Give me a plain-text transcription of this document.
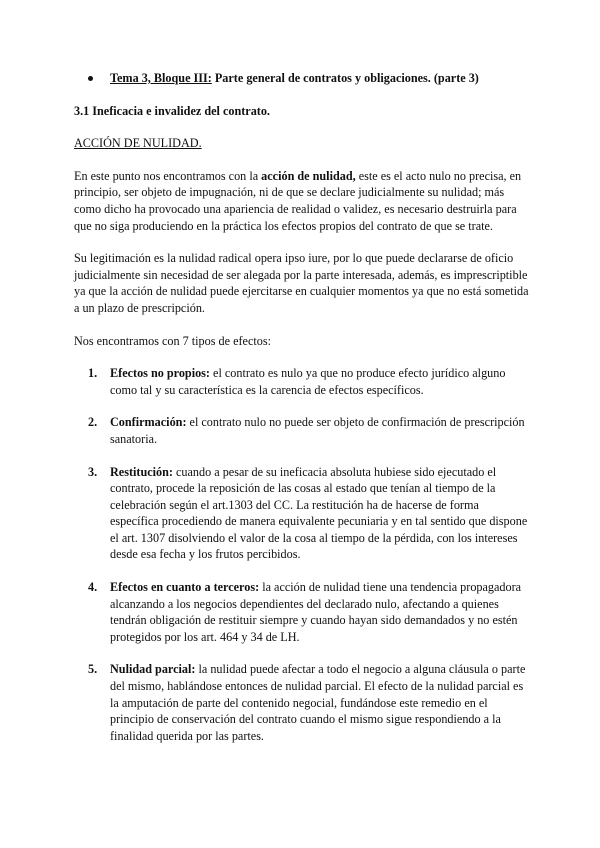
Tema 3, Bloque III: Parte general de contratos y obligaciones. (parte 3)
3.1 Ineficacia e invalidez del contrato.
ACCIÓN DE NULIDAD.

En este punto nos encontramos con la acción de nulidad, este es el acto nulo no precisa, en principio, ser objeto de impugnación, ni de que se declare judicialmente su nulidad; más como dicho ha provocado una apariencia de realidad o validez, es necesario destruirla para que no siga produciendo en la práctica los efectos propios del contrato de que se trate.

Su legitimación es la nulidad radical opera ipso iure, por lo que puede declararse de oficio judicialmente sin necesidad de ser alegada por la parte interesada, además, es imprescriptible ya que la acción de nulidad puede ejercitarse en cualquier momentos ya que no está sometida a un plazo de prescripción.

Nos encontramos con 7 tipos de efectos:

1. Efectos no propios: el contrato es nulo ya que no produce efecto jurídico alguno como tal y su característica es la carencia de efectos específicos.
2. Confirmación: el contrato nulo no puede ser objeto de confirmación de prescripción sanatoria.
3. Restitución: cuando a pesar de su ineficacia absoluta hubiese sido ejecutado el contrato, procede la reposición de las cosas al estado que tenían al tiempo de la celebración según el art.1303 del CC. La restitución ha de hacerse de forma específica procediendo de manera equivalente pecuniaria y en tal sentido que dispone el art. 1307 disolviendo el valor de la cosa al tiempo de la pérdida, con los intereses desde esa fecha y los frutos percibidos.
4. Efectos en cuanto a terceros: la acción de nulidad tiene una tendencia propagadora alcanzando a los negocios dependientes del declarado nulo, afectando a quienes tendrán obligación de restituir siempre y cuando hayan sido demandados y no estén protegidos por los art. 464 y 34 de LH.
5. Nulidad parcial: la nulidad puede afectar a todo el negocio a alguna cláusula o parte del mismo, hablándose entonces de nulidad parcial. El efecto de la nulidad parcial es la amputación de parte del contenido negocial, fundándose este remedio en el principio de conservación del contrato cuando el mismo sigue respondiendo a la finalidad querida por las partes.
